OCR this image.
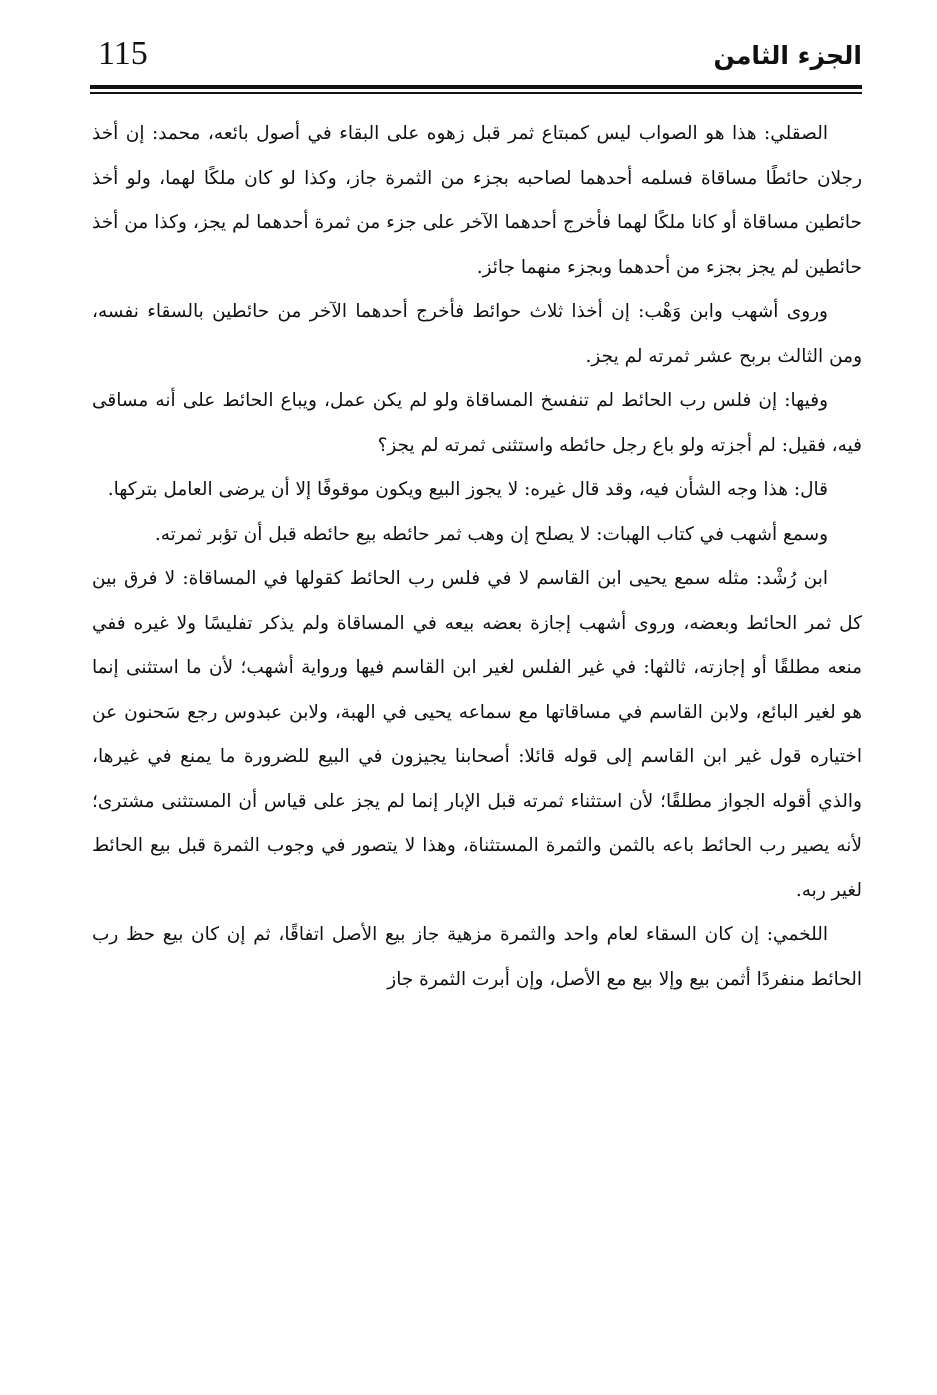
115	الجزء الثامن

الصقلي: هذا هو الصواب ليس كمبتاع ثمر قبل زهوه على البقاء في أصول بائعه، محمد: إن أخذ رجلان حائطًا مساقاة فسلمه أحدهما لصاحبه بجزء من الثمرة جاز، وكذا لو كان ملكًا لهما، ولو أخذ حائطين مساقاة أو كانا ملكًا لهما فأخرج أحدهما الآخر على جزء من ثمرة أحدهما لم يجز، وكذا من أخذ حائطين لم يجز بجزء من أحدهما وبجزء منهما جائز.

وروى أشهب وابن وَهْب: إن أخذا ثلاث حوائط فأخرج أحدهما الآخر من حائطين بالسقاء نفسه، ومن الثالث بربح عشر ثمرته لم يجز.

وفيها: إن فلس رب الحائط لم تنفسخ المساقاة ولو لم يكن عمل، ويباع الحائط على أنه مساقى فيه، فقيل: لم أجزته ولو باع رجل حائطه واستثنى ثمرته لم يجز؟

قال: هذا وجه الشأن فيه، وقد قال غيره: لا يجوز البيع ويكون موقوفًا إلا أن يرضى العامل بتركها.

وسمع أشهب في كتاب الهبات: لا يصلح إن وهب ثمر حائطه بيع حائطه قبل أن تؤبر ثمرته.

ابن رُشْد: مثله سمع يحيى ابن القاسم لا في فلس رب الحائط كقولها في المساقاة: لا فرق بين كل ثمر الحائط وبعضه، وروى أشهب إجازة بعضه بيعه في المساقاة ولم يذكر تفليسًا ولا غيره ففي منعه مطلقًا أو إجازته، ثالثها: في غير الفلس لغير ابن القاسم فيها ورواية أشهب؛ لأن ما استثنى إنما هو لغير البائع، ولابن القاسم في مساقاتها مع سماعه يحيى في الهبة، ولابن عبدوس رجع سَحنون عن اختياره قول غير ابن القاسم إلى قوله قائلا: أصحابنا يجيزون في البيع للضرورة ما يمنع في غيرها، والذي أقوله الجواز مطلقًا؛ لأن استثناء ثمرته قبل الإبار إنما لم يجز على قياس أن المستثنى مشترى؛ لأنه يصير رب الحائط باعه بالثمن والثمرة المستثناة، وهذا لا يتصور في وجوب الثمرة قبل بيع الحائط لغير ربه.

اللخمي: إن كان السقاء لعام واحد والثمرة مزهية جاز بيع الأصل اتفاقًا، ثم إن كان بيع حظ رب الحائط منفردًا أثمن بيع وإلا بيع مع الأصل، وإن أبرت الثمرة جاز
